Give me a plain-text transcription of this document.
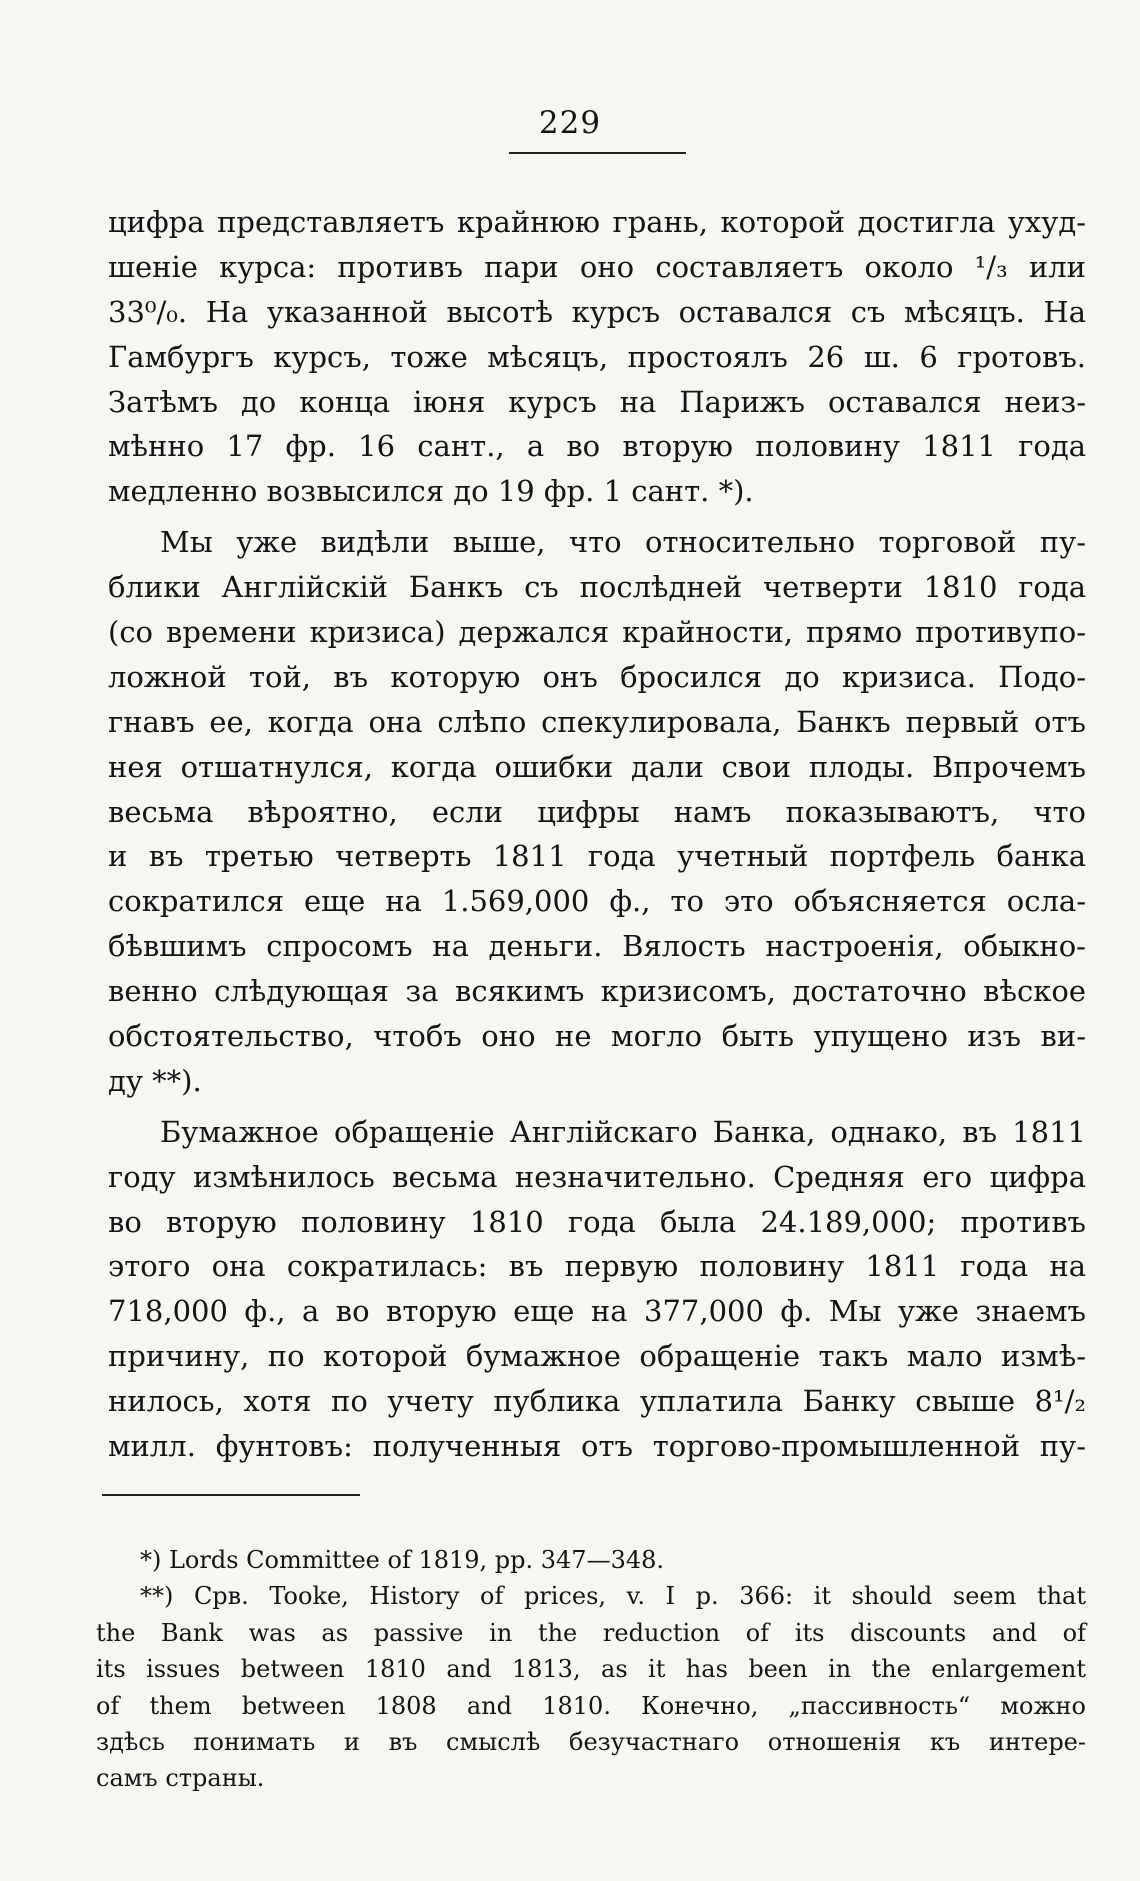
229
цифра представляетъ крайнюю грань, которой достигла ухуд-
шеніе курса: противъ пари оно составляетъ около ¹/₃ или
33⁰/₀. На указанной высотѣ курсъ оставался съ мѣсяцъ. На
Гамбургъ курсъ, тоже мѣсяцъ, простоялъ 26 ш. 6 гротовъ.
Затѣмъ до конца іюня курсъ на Парижъ оставался неиз-
мѣнно 17 фр. 16 сант., а во вторую половину 1811 года
медленно возвысился до 19 фр. 1 сант. *).
Мы уже видѣли выше, что относительно торговой пу-
блики Англійскій Банкъ съ послѣдней четверти 1810 года
(со времени кризиса) держался крайности, прямо противупо-
ложной той, въ которую онъ бросился до кризиса. Подо-
гнавъ ее, когда она слѣпо спекулировала, Банкъ первый отъ
нея отшатнулся, когда ошибки дали свои плоды. Впрочемъ
весьма вѣроятно, если цифры намъ показываютъ, что
и въ третью четверть 1811 года учетный портфель банка
сократился еще на 1.569,000 ф., то это объясняется осла-
бѣвшимъ спросомъ на деньги. Вялость настроенія, обыкно-
венно слѣдующая за всякимъ кризисомъ, достаточно вѣское
обстоятельство, чтобъ оно не могло быть упущено изъ ви-
ду **).
Бумажное обращеніе Англійскаго Банка, однако, въ 1811
году измѣнилось весьма незначительно. Средняя его цифра
во вторую половину 1810 года была 24.189,000; противъ
этого она сократилась: въ первую половину 1811 года на
718,000 ф., а во вторую еще на 377,000 ф. Мы уже знаемъ
причину, по которой бумажное обращеніе такъ мало измѣ-
нилось, хотя по учету публика уплатила Банку свыше 8¹/₂
милл. фунтовъ: полученныя отъ торгово-промышленной пу-
*) Lords Committee of 1819, pp. 347—348.
**) Срв. Tooke, History of prices, v. I p. 366: it should seem that
the Bank was as passive in the reduction of its discounts and of
its issues between 1810 and 1813, as it has been in the enlargement
of them between 1808 and 1810. Конечно, „пассивность“ можно
здѣсь понимать и въ смыслѣ безучастнаго отношенія къ интере-
самъ страны.
